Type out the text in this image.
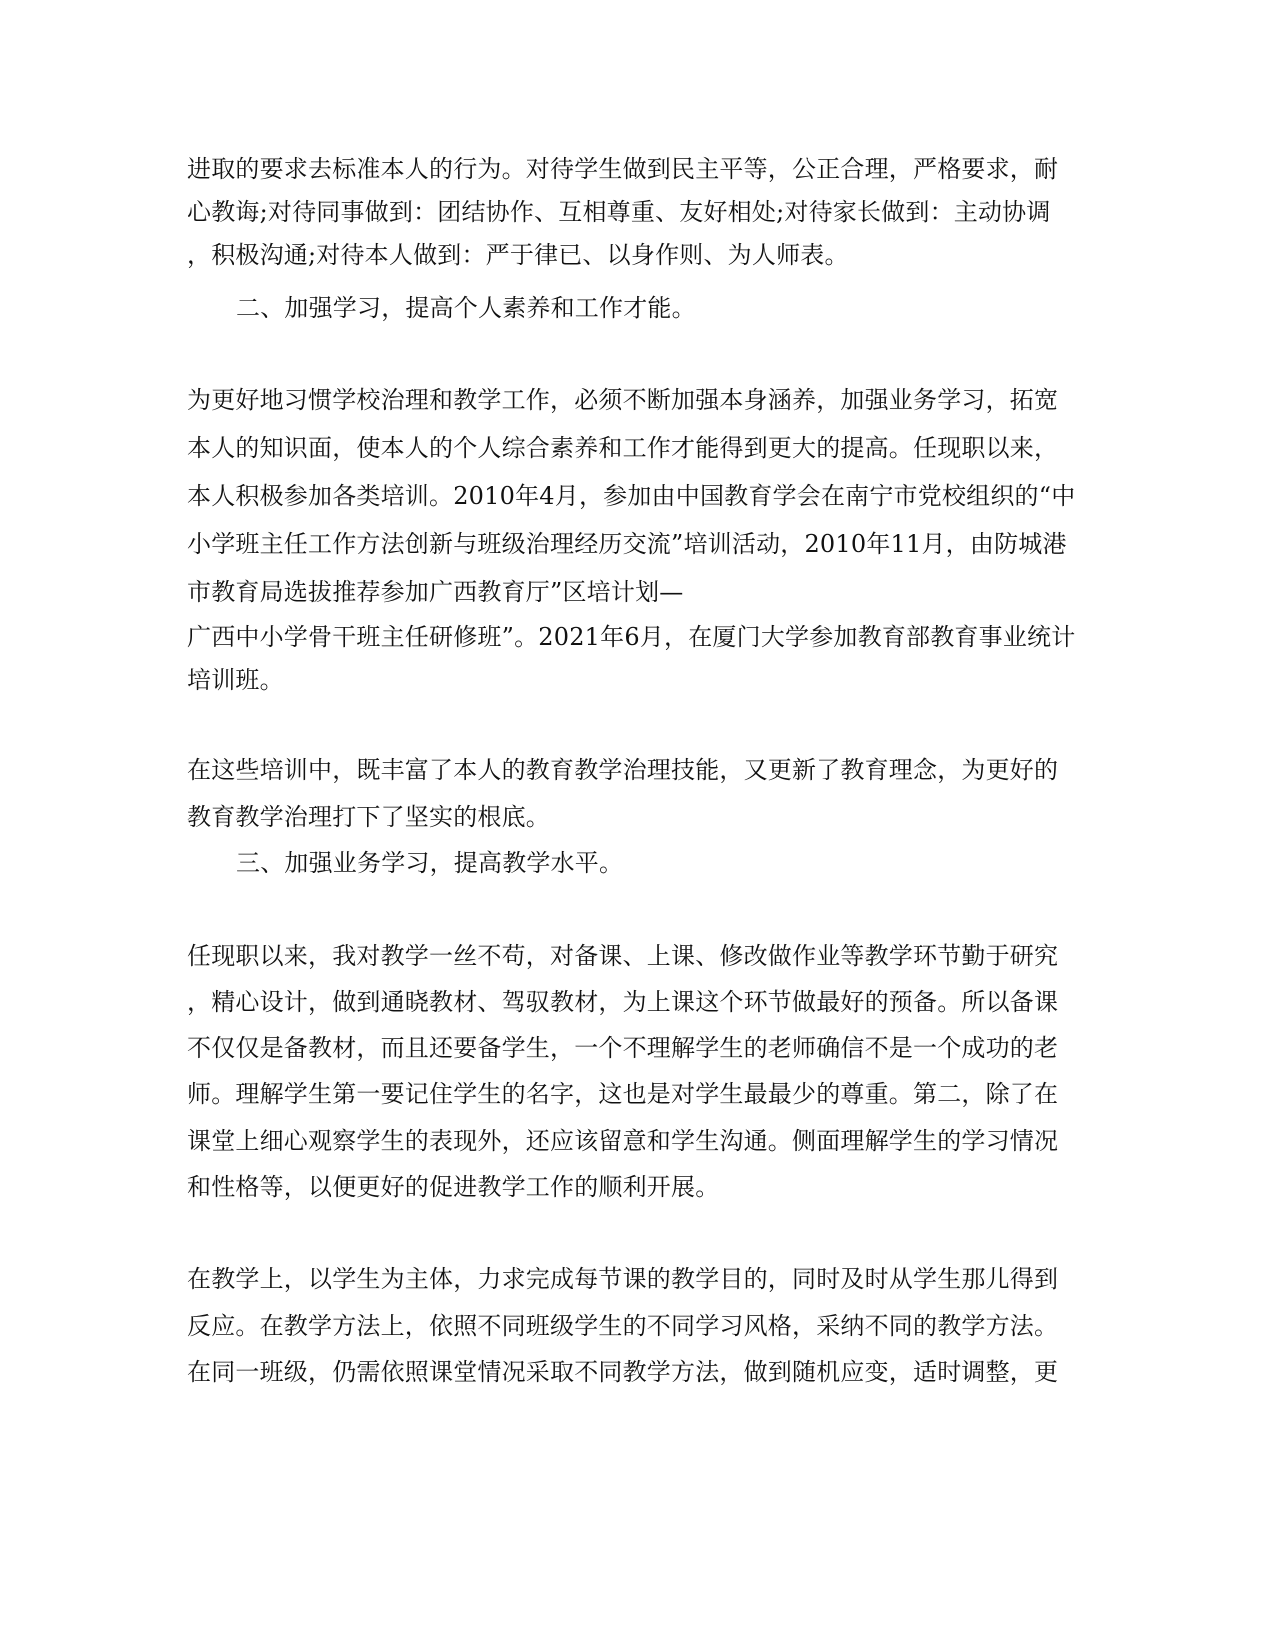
进取的要求去标准本人的行为。对待学生做到民主平等，公正合理，严格要求，耐
心教诲;对待同事做到：团结协作、互相尊重、友好相处;对待家长做到：主动协调
，积极沟通;对待本人做到：严于律已、以身作则、为人师表。
二、加强学习，提高个人素养和工作才能。
为更好地习惯学校治理和教学工作，必须不断加强本身涵养，加强业务学习，拓宽
本人的知识面，使本人的个人综合素养和工作才能得到更大的提高。任现职以来，
本人积极参加各类培训。2010年4月，参加由中国教育学会在南宁市党校组织的“中
小学班主任工作方法创新与班级治理经历交流”培训活动，2010年11月，由防城港
市教育局选拔推荐参加广西教育厅”区培计划—
广西中小学骨干班主任研修班”。2021年6月，在厦门大学参加教育部教育事业统计
培训班。
在这些培训中，既丰富了本人的教育教学治理技能，又更新了教育理念，为更好的
教育教学治理打下了坚实的根底。
三、加强业务学习，提高教学水平。
任现职以来，我对教学一丝不苟，对备课、上课、修改做作业等教学环节勤于研究
，精心设计，做到通晓教材、驾驭教材，为上课这个环节做最好的预备。所以备课
不仅仅是备教材，而且还要备学生，一个不理解学生的老师确信不是一个成功的老
师。理解学生第一要记住学生的名字，这也是对学生最最少的尊重。第二，除了在
课堂上细心观察学生的表现外，还应该留意和学生沟通。侧面理解学生的学习情况
和性格等，以便更好的促进教学工作的顺利开展。
在教学上，以学生为主体，力求完成每节课的教学目的，同时及时从学生那儿得到
反应。在教学方法上，依照不同班级学生的不同学习风格，采纳不同的教学方法。
在同一班级，仍需依照课堂情况采取不同教学方法，做到随机应变，适时调整，更
